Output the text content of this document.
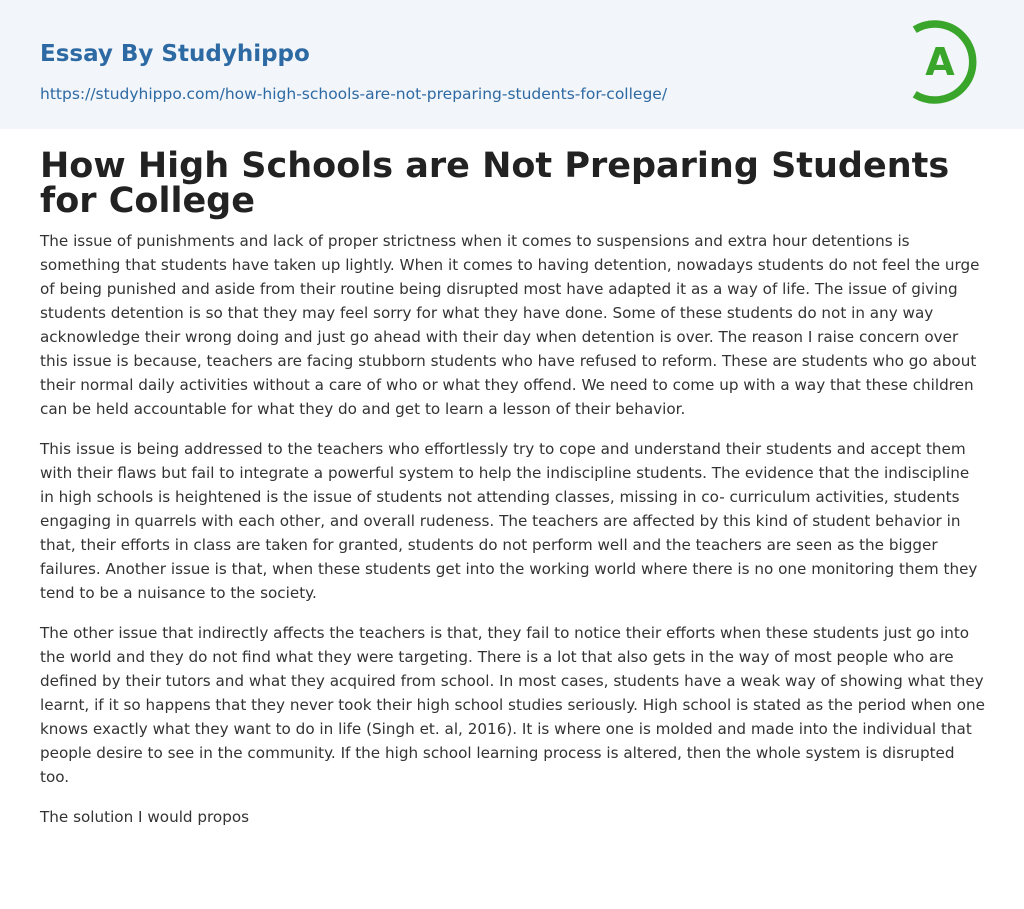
Essay By Studyhippo
https://studyhippo.com/how-high-schools-are-not-preparing-students-for-college/
A
How High Schools are Not Preparing Students for College

The issue of punishments and lack of proper strictness when it comes to suspensions and extra hour detentions is something that students have taken up lightly. When it comes to having detention, nowadays students do not feel the urge of being punished and aside from their routine being disrupted most have adapted it as a way of life. The issue of giving students detention is so that they may feel sorry for what they have done. Some of these students do not in any way acknowledge their wrong doing and just go ahead with their day when detention is over. The reason I raise concern over this issue is because, teachers are facing stubborn students who have refused to reform. These are students who go about their normal daily activities without a care of who or what they offend. We need to come up with a way that these children can be held accountable for what they do and get to learn a lesson of their behavior.

This issue is being addressed to the teachers who effortlessly try to cope and understand their students and accept them with their flaws but fail to integrate a powerful system to help the indiscipline students. The evidence that the indiscipline in high schools is heightened is the issue of students not attending classes, missing in co- curriculum activities, students engaging in quarrels with each other, and overall rudeness. The teachers are affected by this kind of student behavior in that, their efforts in class are taken for granted, students do not perform well and the teachers are seen as the bigger failures. Another issue is that, when these students get into the working world where there is no one monitoring them they tend to be a nuisance to the society.

The other issue that indirectly affects the teachers is that, they fail to notice their efforts when these students just go into the world and they do not find what they were targeting. There is a lot that also gets in the way of most people who are defined by their tutors and what they acquired from school. In most cases, students have a weak way of showing what they learnt, if it so happens that they never took their high school studies seriously. High school is stated as the period when one knows exactly what they want to do in life (Singh et. al, 2016). It is where one is molded and made into the individual that people desire to see in the community. If the high school learning process is altered, then the whole system is disrupted too.

The solution I would propos
